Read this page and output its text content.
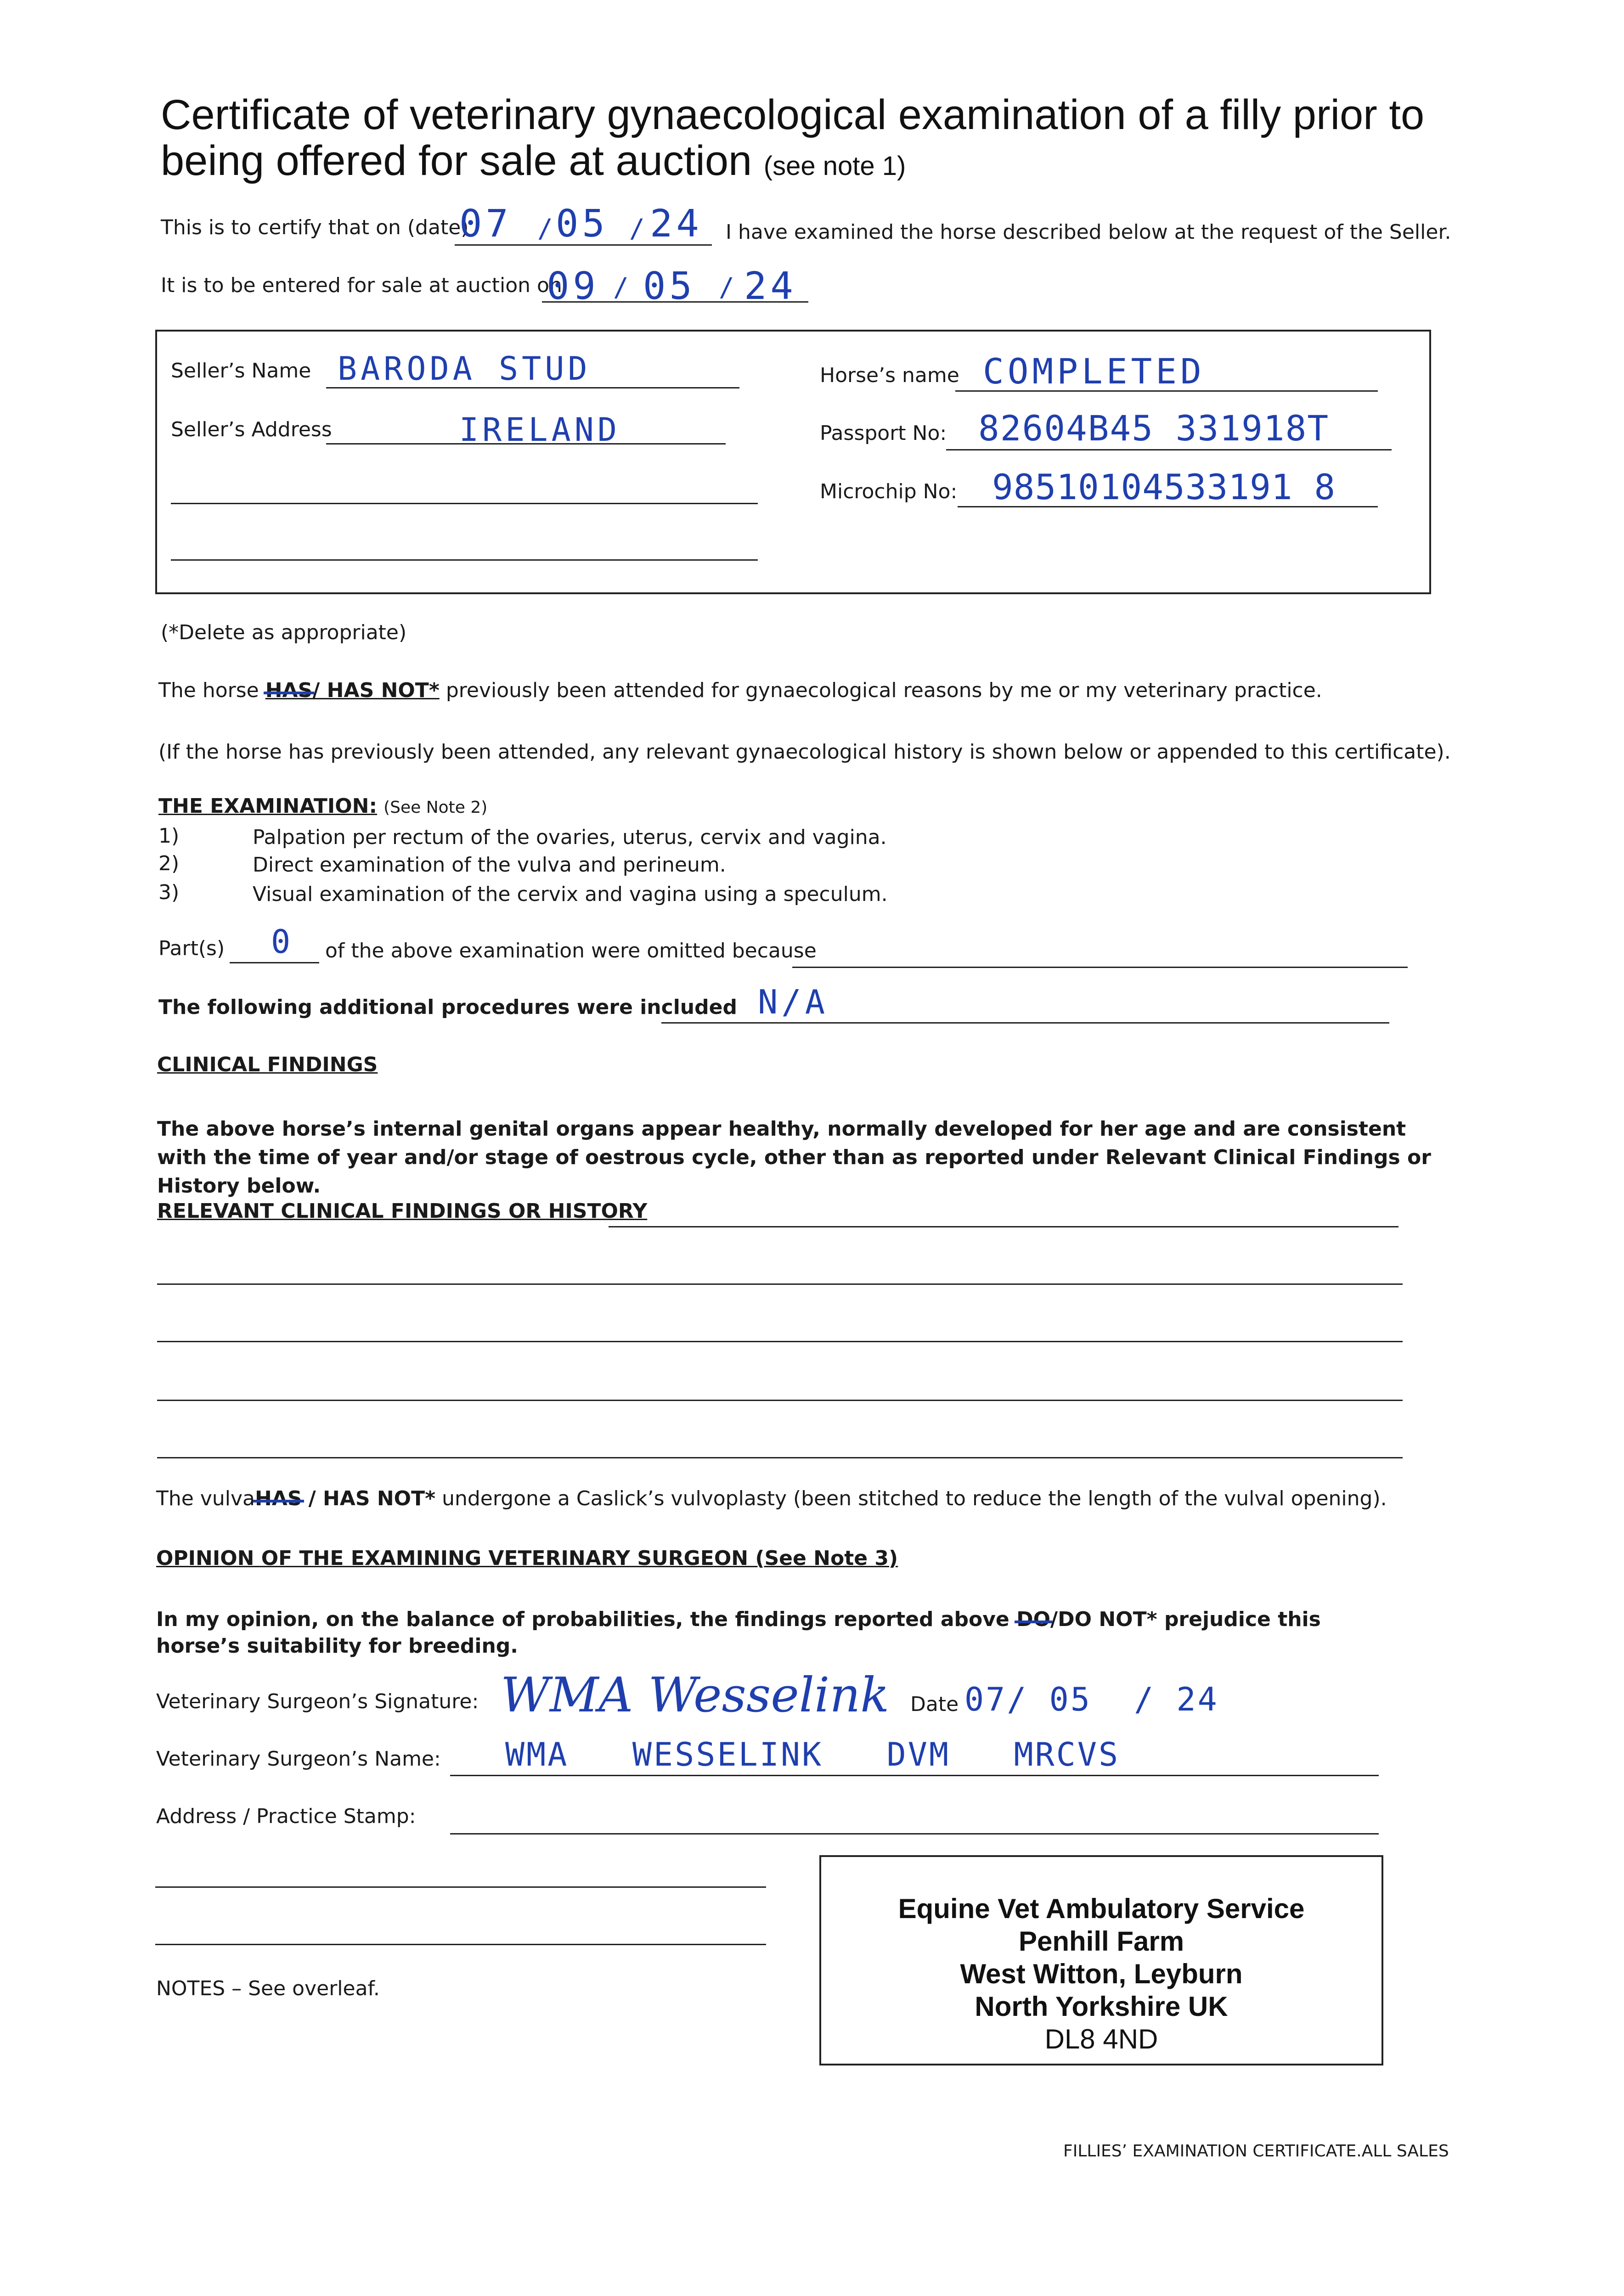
Certificate of veterinary gynaecological examination of a filly prior to being offered for sale at auction (see note 1)
This is to certify that on (date)
07 /
05 / 24 I have examined the horse described below at the request of the Seller.
It is to be entered for sale at auction on
09 / 05 / 24
Seller’s Name BARODA STUD
Seller’s Address	IRELAND
Horse’s name COMPLETED
Passport No: 82604B45 331918T
Microchip No: 98510104533191 8
(*Delete as appropriate)
The horse HAS/ HAS NOT* previously been attended for gynaecological reasons by me or my veterinary practice.
(If the horse has previously been attended, any relevant gynaecological history is shown below or appended to this certificate).
THE EXAMINATION: (See Note 2)
1)	Palpation per rectum of the ovaries, uterus, cervix and vagina.
2)	Direct examination of the vulva and perineum.
3)	Visual examination of the cervix and vagina using a speculum.
Part(s) 0 of the above examination were omitted because
The following additional procedures were included N/A
CLINICAL FINDINGS
The above horse’s internal genital organs appear healthy, normally developed for her age and are consistent with the time of year and/or stage of oestrous cycle, other than as reported under Relevant Clinical Findings or History below.
RELEVANT CLINICAL FINDINGS OR HISTORY
The vulvaHAS / HAS NOT* undergone a Caslick’s vulvoplasty (been stitched to reduce the length of the vulval opening).
OPINION OF THE EXAMINING VETERINARY SURGEON (See Note 3)
In my opinion, on the balance of probabilities, the findings reported above DO/DO NOT* prejudice this horse’s suitability for breeding.
Veterinary Surgeon’s Signature: WMA Wesselink Date 07/ 05  / 24
Veterinary Surgeon’s Name: WMA   WESSELINK   DVM   MRCVS
Address / Practice Stamp:
Equine Vet Ambulatory Service
Penhill Farm
West Witton, Leyburn
North Yorkshire UK
DL8 4ND
NOTES – See overleaf.
FILLIES’ EXAMINATION CERTIFICATE.ALL SALES
